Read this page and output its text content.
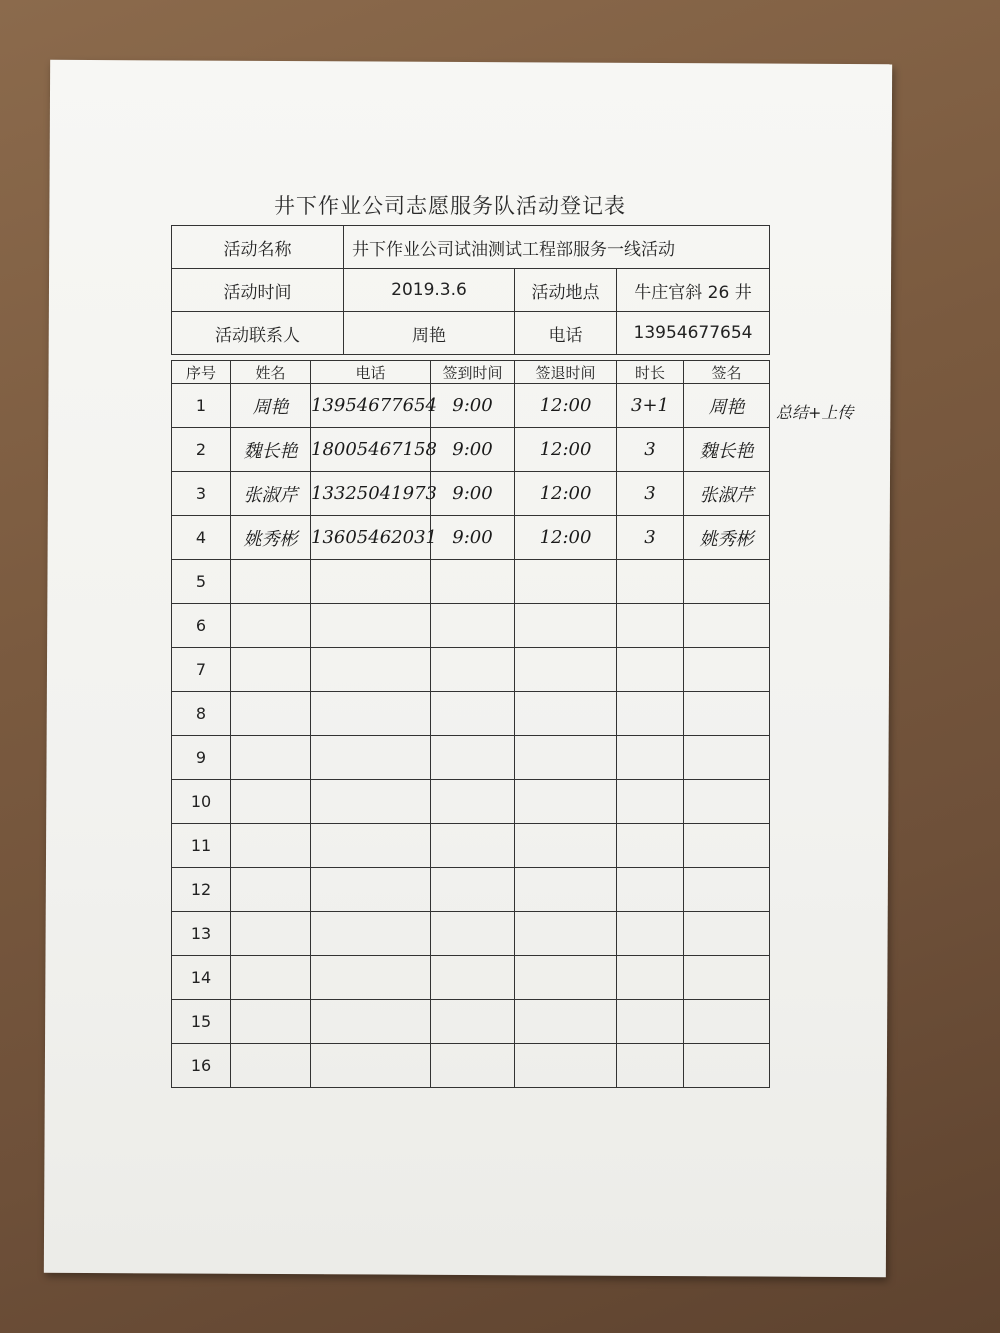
井下作业公司志愿服务队活动登记表
活动名称	井下作业公司试油测试工程部服务一线活动		
活动时间	2019.3.6	活动地点	牛庄官斜 26 井
活动联系人	周艳	电话	13954677654
序号	姓名	电话	签到时间	签退时间	时长	签名
1	周艳	13954677654	9:00	12:00	3+1	周艳
2	魏长艳	18005467158	9:00	12:00	3	魏长艳
3	张淑芹	13325041973	9:00	12:00	3	张淑芹
4	姚秀彬	13605462031	9:00	12:00	3	姚秀彬
5						
6						
7						
8						
9						
10						
11						
12						
13						
14						
15						
16						
总结+上传
